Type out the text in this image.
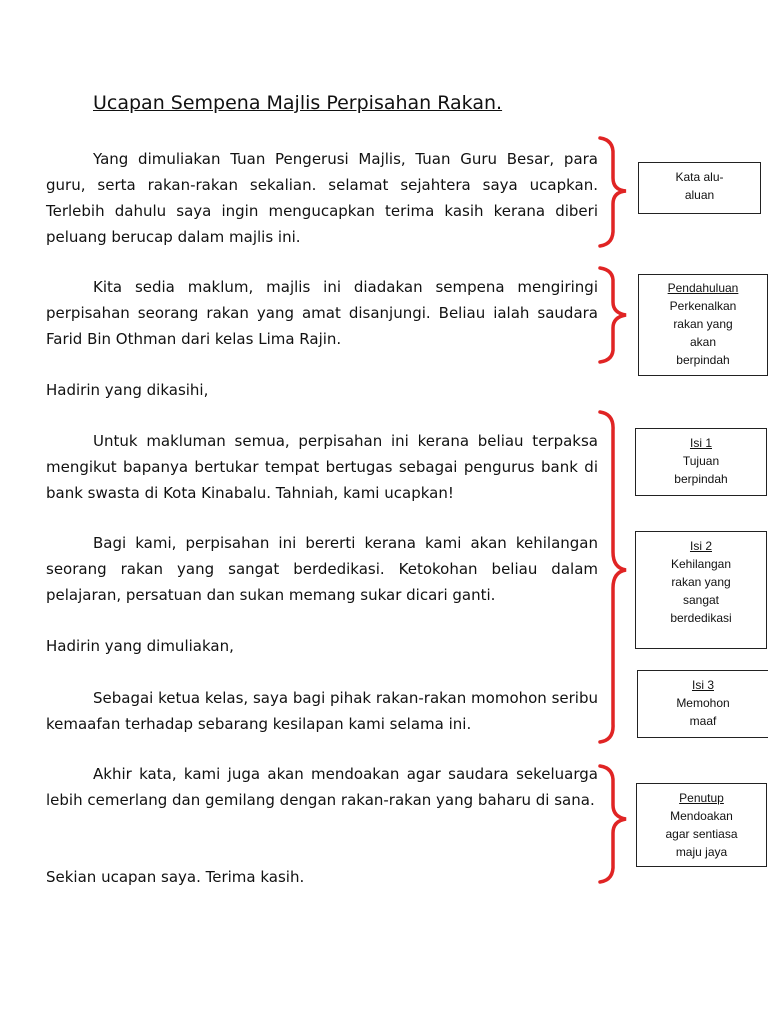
Ucapan Sempena Majlis Perpisahan Rakan.

Yang dimuliakan Tuan Pengerusi Majlis, Tuan Guru Besar, para guru, serta rakan-rakan sekalian. selamat sejahtera saya ucapkan. Terlebih dahulu saya ingin mengucapkan terima kasih kerana diberi peluang berucap dalam majlis ini.

Kita sedia maklum, majlis ini diadakan sempena mengiringi perpisahan seorang rakan yang amat disanjungi. Beliau ialah saudara Farid Bin Othman dari kelas Lima Rajin.

Hadirin yang dikasihi,

Untuk makluman semua, perpisahan ini kerana beliau terpaksa mengikut bapanya bertukar tempat bertugas sebagai pengurus bank di bank swasta di Kota Kinabalu. Tahniah, kami ucapkan!

Bagi kami, perpisahan ini bererti kerana kami akan kehilangan seorang rakan yang sangat berdedikasi. Ketokohan beliau dalam pelajaran, persatuan dan sukan memang sukar dicari ganti.

Hadirin yang dimuliakan,

Sebagai ketua kelas, saya bagi pihak rakan-rakan momohon seribu kemaafan terhadap sebarang kesilapan kami selama ini.

Akhir kata, kami juga akan mendoakan agar saudara sekeluarga lebih cemerlang dan gemilang dengan rakan-rakan yang baharu di sana.

Sekian ucapan saya. Terima kasih.

Kata alu-
aluan
Pendahuluan
Perkenalkan
rakan yang
akan
berpindah
Isi 1
Tujuan
berpindah
Isi 2
Kehilangan
rakan yang
sangat
berdedikasi
Isi 3
Memohon
maaf
Penutup
Mendoakan
agar sentiasa
maju jaya
